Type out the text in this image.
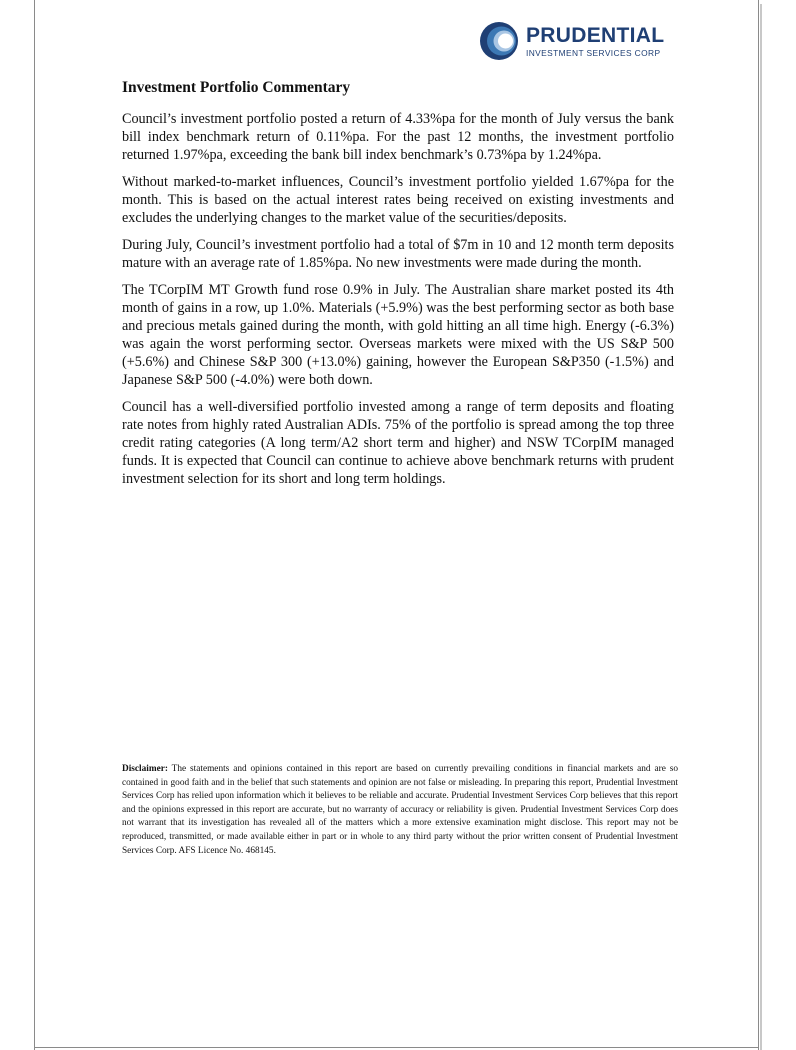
PRUDENTIAL
INVESTMENT SERVICES CORP
Investment Portfolio Commentary

Council’s investment portfolio posted a return of 4.33%pa for the month of July versus the bank bill index benchmark return of 0.11%pa. For the past 12 months, the investment portfolio returned 1.97%pa, exceeding the bank bill index benchmark’s 0.73%pa by 1.24%pa.

Without marked-to-market influences, Council’s investment portfolio yielded 1.67%pa for the month. This is based on the actual interest rates being received on existing investments and excludes the underlying changes to the market value of the securities/deposits.

During July, Council’s investment portfolio had a total of $7m in 10 and 12 month term deposits mature with an average rate of 1.85%pa. No new investments were made during the month.

The TCorpIM MT Growth fund rose 0.9% in July. The Australian share market posted its 4th month of gains in a row, up 1.0%. Materials (+5.9%) was the best performing sector as both base and precious metals gained during the month, with gold hitting an all time high. Energy (-6.3%) was again the worst performing sector. Overseas markets were mixed with the US S&P 500 (+5.6%) and Chinese S&P 300 (+13.0%) gaining, however the European S&P350 (-1.5%) and Japanese S&P 500 (-4.0%) were both down.

Council has a well-diversified portfolio invested among a range of term deposits and floating rate notes from highly rated Australian ADIs. 75% of the portfolio is spread among the top three credit rating categories (A long term/A2 short term and higher) and NSW TCorpIM managed funds. It is expected that Council can continue to achieve above benchmark returns with prudent investment selection for its short and long term holdings.

Disclaimer: The statements and opinions contained in this report are based on currently prevailing conditions in financial markets and are so contained in good faith and in the belief that such statements and opinion are not false or misleading. In preparing this report, Prudential Investment Services Corp has relied upon information which it believes to be reliable and accurate. Prudential Investment Services Corp believes that this report and the opinions expressed in this report are accurate, but no warranty of accuracy or reliability is given. Prudential Investment Services Corp does not warrant that its investigation has revealed all of the matters which a more extensive examination might disclose. This report may not be reproduced, transmitted, or made available either in part or in whole to any third party without the prior written consent of Prudential Investment Services Corp. AFS Licence No. 468145.
